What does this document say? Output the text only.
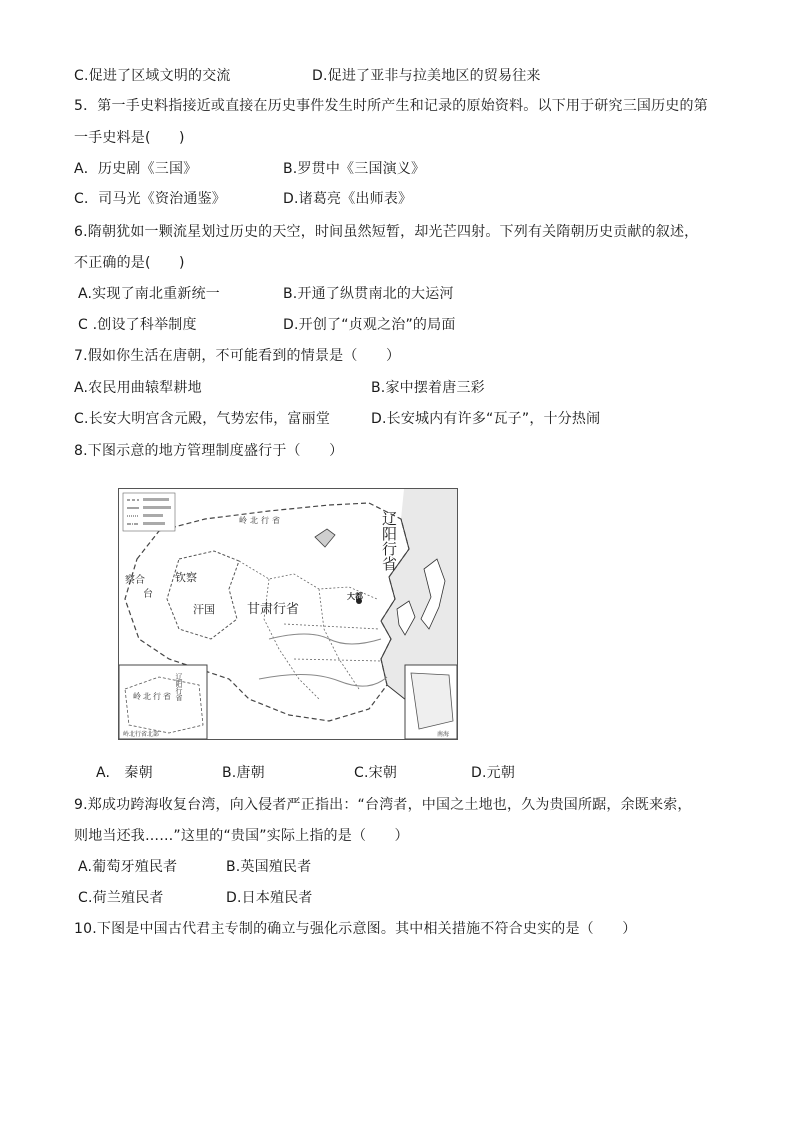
C.促进了区域文明的交流	D.促进了亚非与拉美地区的贸易往来
5．第一手史料指接近或直接在历史事件发生时所产生和记录的原始资料。以下用于研究三国历史的第
一手史料是(　　)
A．历史剧《三国》	B.罗贯中《三国演义》
C．司马光《资治通鉴》	D.诸葛亮《出师表》
6.隋朝犹如一颗流星划过历史的天空，时间虽然短暂，却光芒四射。下列有关隋朝历史贡献的叙述，
不正确的是(　　)
A.实现了南北重新统一	B.开通了纵贯南北的大运河
C .创设了科举制度	D.开创了“贞观之治”的局面
7.假如你生活在唐朝，不可能看到的情景是（　　）
A.农民用曲辕犁耕地	B.家中摆着唐三彩
C.长安大明宫含元殿，气势宏伟，富丽堂	D.长安城内有许多“瓦子”，十分热闹
8.下图示意的地方管理制度盛行于（　　）
辽阳行省
甘肃行省
大都
察合
台
钦察
汗国
岭北行省
辽阳行省
岭北行省
岭北行省北部	南海
A.　秦朝	B.唐朝	C.宋朝	D.元朝
9.郑成功跨海收复台湾，向入侵者严正指出：“台湾者，中国之土地也，久为贵国所踞，余既来索，
则地当还我……”这里的“贵国”实际上指的是（　　）
A.葡萄牙殖民者	B.英国殖民者
C.荷兰殖民者	D.日本殖民者
10.下图是中国古代君主专制的确立与强化示意图。其中相关措施不符合史实的是（　　）
